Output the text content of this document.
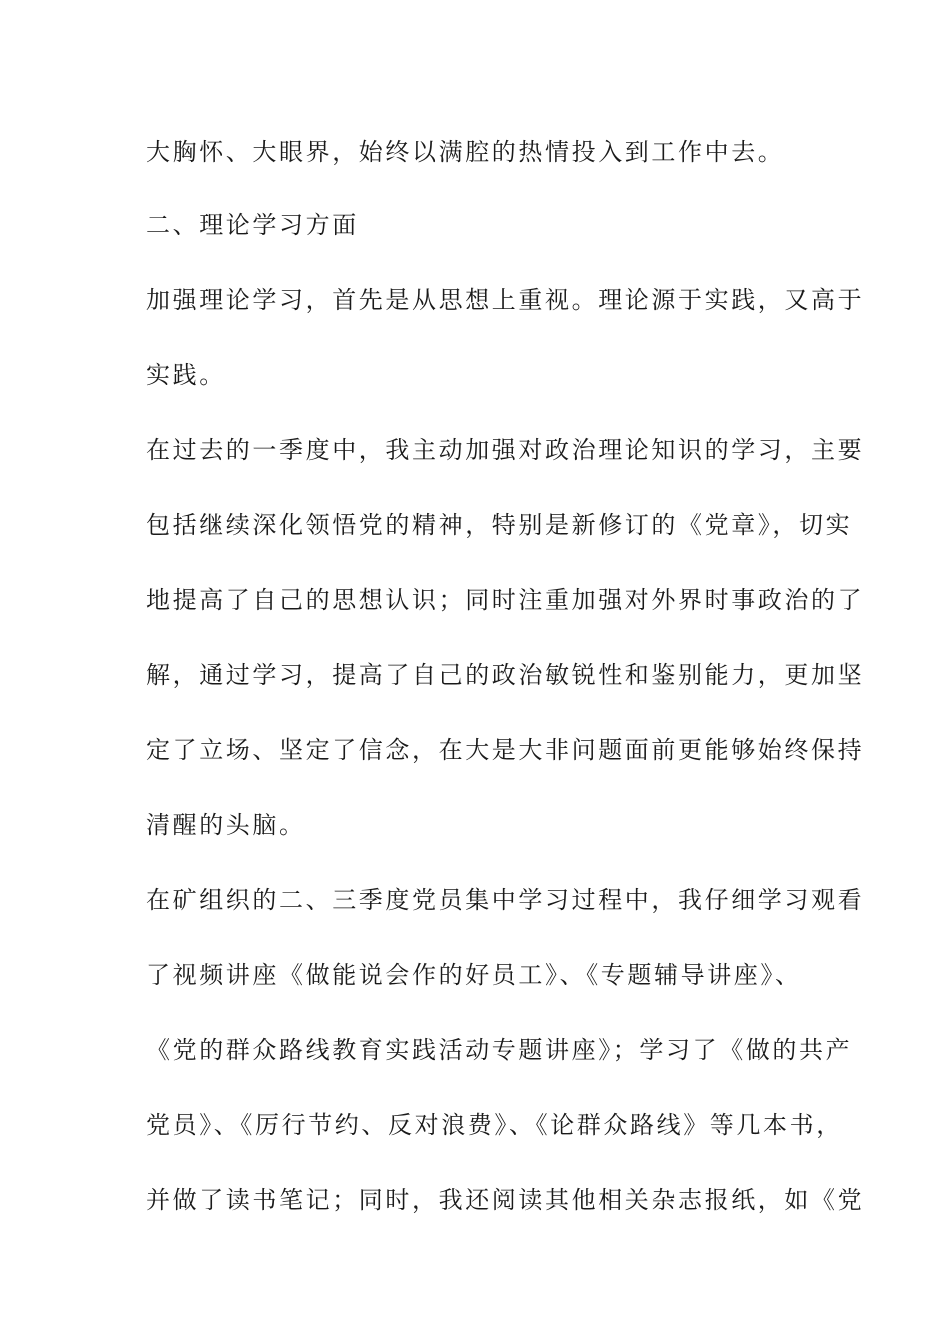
大胸怀、大眼界，始终以满腔的热情投入到工作中去。
二、理论学习方面
加强理论学习，首先是从思想上重视。理论源于实践，又高于
实践。
在过去的一季度中，我主动加强对政治理论知识的学习，主要
包括继续深化领悟党的精神，特别是新修订的《党章》，切实
地提高了自己的思想认识；同时注重加强对外界时事政治的了
解，通过学习，提高了自己的政治敏锐性和鉴别能力，更加坚
定了立场、坚定了信念，在大是大非问题面前更能够始终保持
清醒的头脑。
在矿组织的二、三季度党员集中学习过程中，我仔细学习观看
了视频讲座《做能说会作的好员工》、《专题辅导讲座》、
《党的群众路线教育实践活动专题讲座》；学习了《做的共产
党员》、《厉行节约、反对浪费》、《论群众路线》等几本书，
并做了读书笔记；同时，我还阅读其他相关杂志报纸，如《党
